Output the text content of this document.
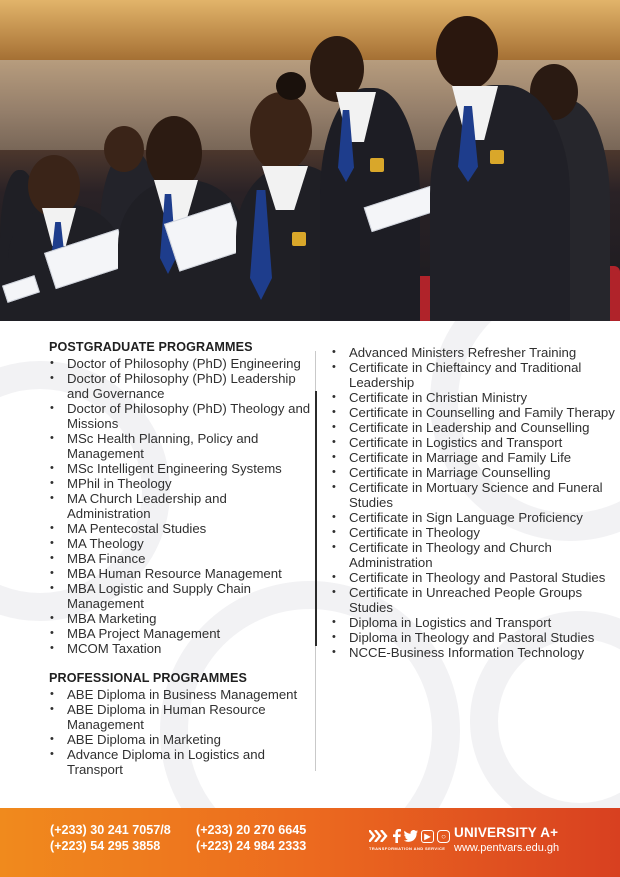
POSTGRADUATE PROGRAMMES
• Doctor of Philosophy (PhD) Engineering
• Doctor of Philosophy (PhD) Leadership and Governance
• Doctor of Philosophy (PhD) Theology and Missions
• MSc Health Planning, Policy and Management
• MSc Intelligent Engineering Systems
• MPhil in Theology
• MA Church Leadership and Administration
• MA Pentecostal Studies
• MA Theology
• MBA Finance
• MBA Human Resource Management
• MBA Logistic and Supply Chain Management
• MBA Marketing
• MBA Project Management
• MCOM Taxation
PROFESSIONAL PROGRAMMES
• ABE Diploma in Business Management
• ABE Diploma in Human Resource Management
• ABE Diploma in Marketing
• Advance Diploma in Logistics and Transport
• Advanced Ministers Refresher Training
• Certificate in Chieftaincy and Traditional Leadership
• Certificate in Christian Ministry
• Certificate in Counselling and Family Therapy
• Certificate in Leadership and Counselling
• Certificate in Logistics and Transport
• Certificate in Marriage and Family Life
• Certificate in Marriage Counselling
• Certificate in Mortuary Science and Funeral Studies
• Certificate in Sign Language Proficiency
• Certificate in Theology
• Certificate in Theology and Church Administration
• Certificate in Theology and Pastoral Studies
• Certificate in Unreached People Groups Studies
• Diploma in Logistics and Transport
• Diploma in Theology and Pastoral Studies
• NCCE-Business Information Technology
(+233) 30 241 7057/8 (+233) 20 270 6645
(+223) 54 295 3858	(+223) 24 984 2333
▶	○
TRANSFORMATION AND SERVICE
UNIVERSITY A+
www.pentvars.edu.gh
